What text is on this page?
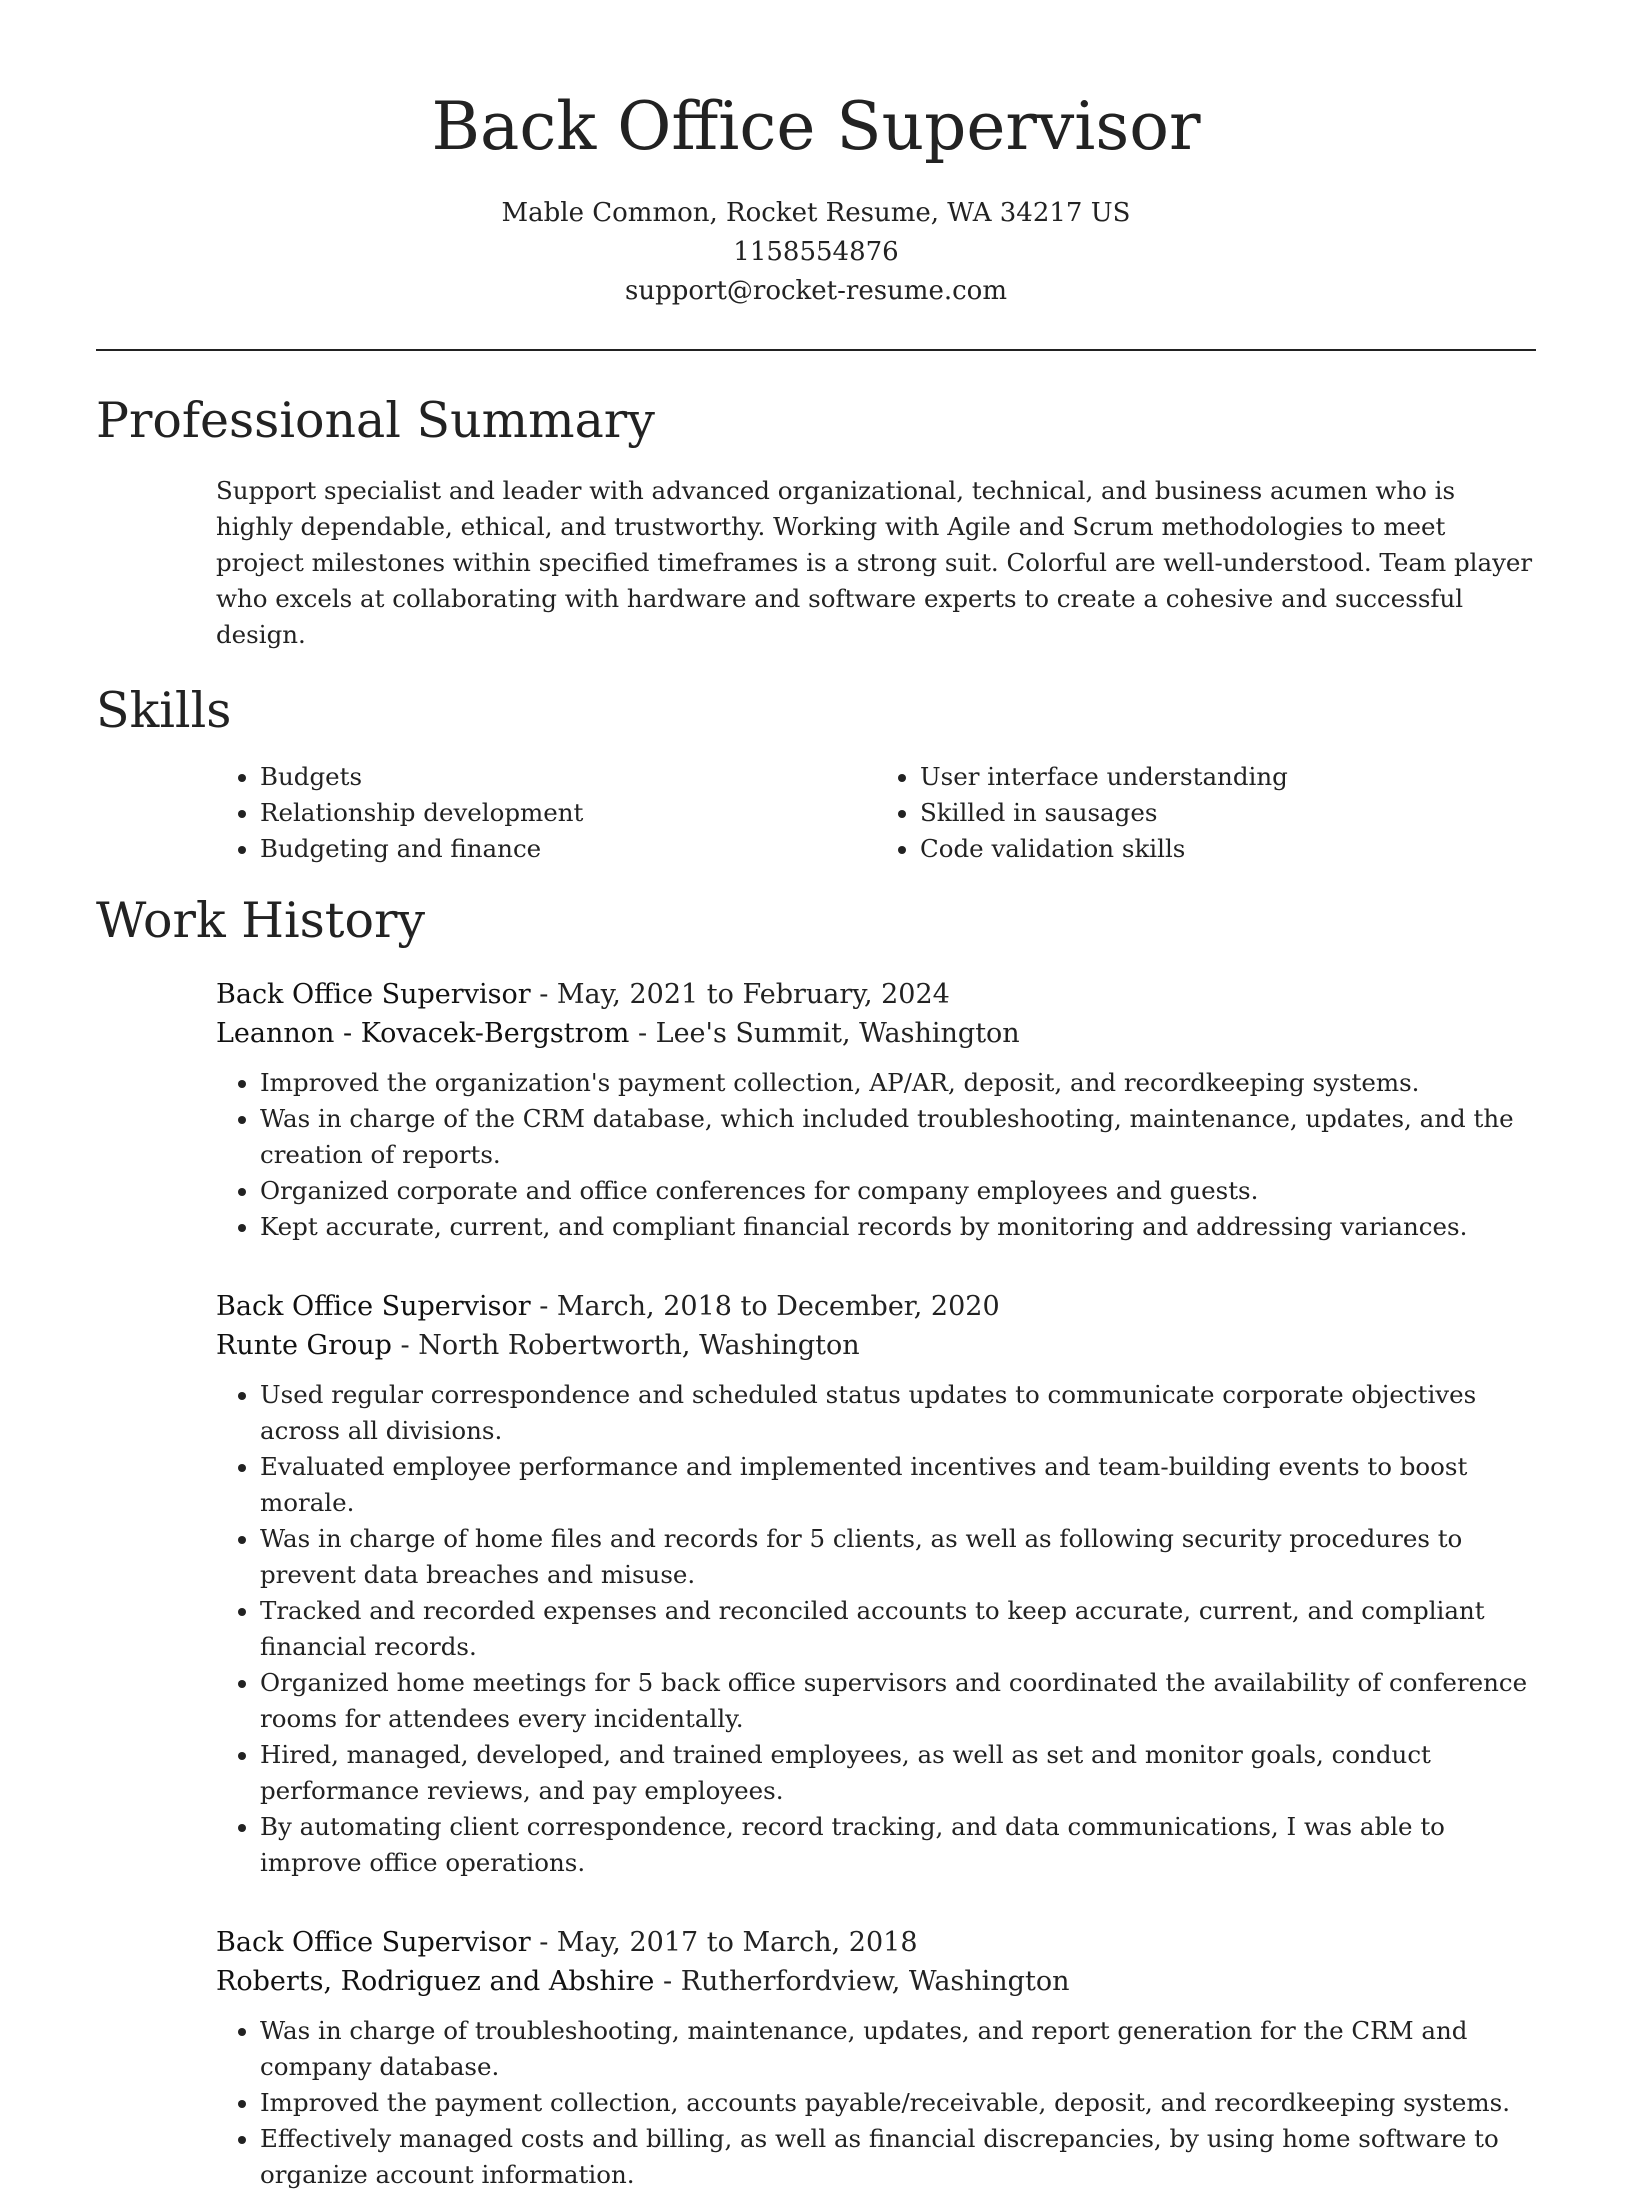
Back Office Supervisor
Mable Common, Rocket Resume, WA 34217 US
1158554876
support@rocket-resume.com
Professional Summary

Support specialist and leader with advanced organizational, technical, and business acumen who is highly dependable, ethical, and trustworthy. Working with Agile and Scrum methodologies to meet project milestones within specified timeframes is a strong suit. Colorful are well-understood. Team player who excels at collaborating with hardware and software experts to create a cohesive and successful design.

Skills
• Budgets
• Relationship development
• Budgeting and finance
• User interface understanding
• Skilled in sausages
• Code validation skills
Work History
Back Office Supervisor - May, 2021 to February, 2024
Leannon - Kovacek-Bergstrom - Lee's Summit, Washington
• Improved the organization's payment collection, AP/AR, deposit, and recordkeeping systems.
• Was in charge of the CRM database, which included troubleshooting, maintenance, updates, and the creation of reports.
• Organized corporate and office conferences for company employees and guests.
• Kept accurate, current, and compliant financial records by monitoring and addressing variances.
Back Office Supervisor - March, 2018 to December, 2020
Runte Group - North Robertworth, Washington
• Used regular correspondence and scheduled status updates to communicate corporate objectives across all divisions.
• Evaluated employee performance and implemented incentives and team-building events to boost morale.
• Was in charge of home files and records for 5 clients, as well as following security procedures to prevent data breaches and misuse.
• Tracked and recorded expenses and reconciled accounts to keep accurate, current, and compliant financial records.
• Organized home meetings for 5 back office supervisors and coordinated the availability of conference rooms for attendees every incidentally.
• Hired, managed, developed, and trained employees, as well as set and monitor goals, conduct performance reviews, and pay employees.
• By automating client correspondence, record tracking, and data communications, I was able to improve office operations.
Back Office Supervisor - May, 2017 to March, 2018
Roberts, Rodriguez and Abshire - Rutherfordview, Washington
• Was in charge of troubleshooting, maintenance, updates, and report generation for the CRM and company database.
• Improved the payment collection, accounts payable/receivable, deposit, and recordkeeping systems.
• Effectively managed costs and billing, as well as financial discrepancies, by using home software to organize account information.
